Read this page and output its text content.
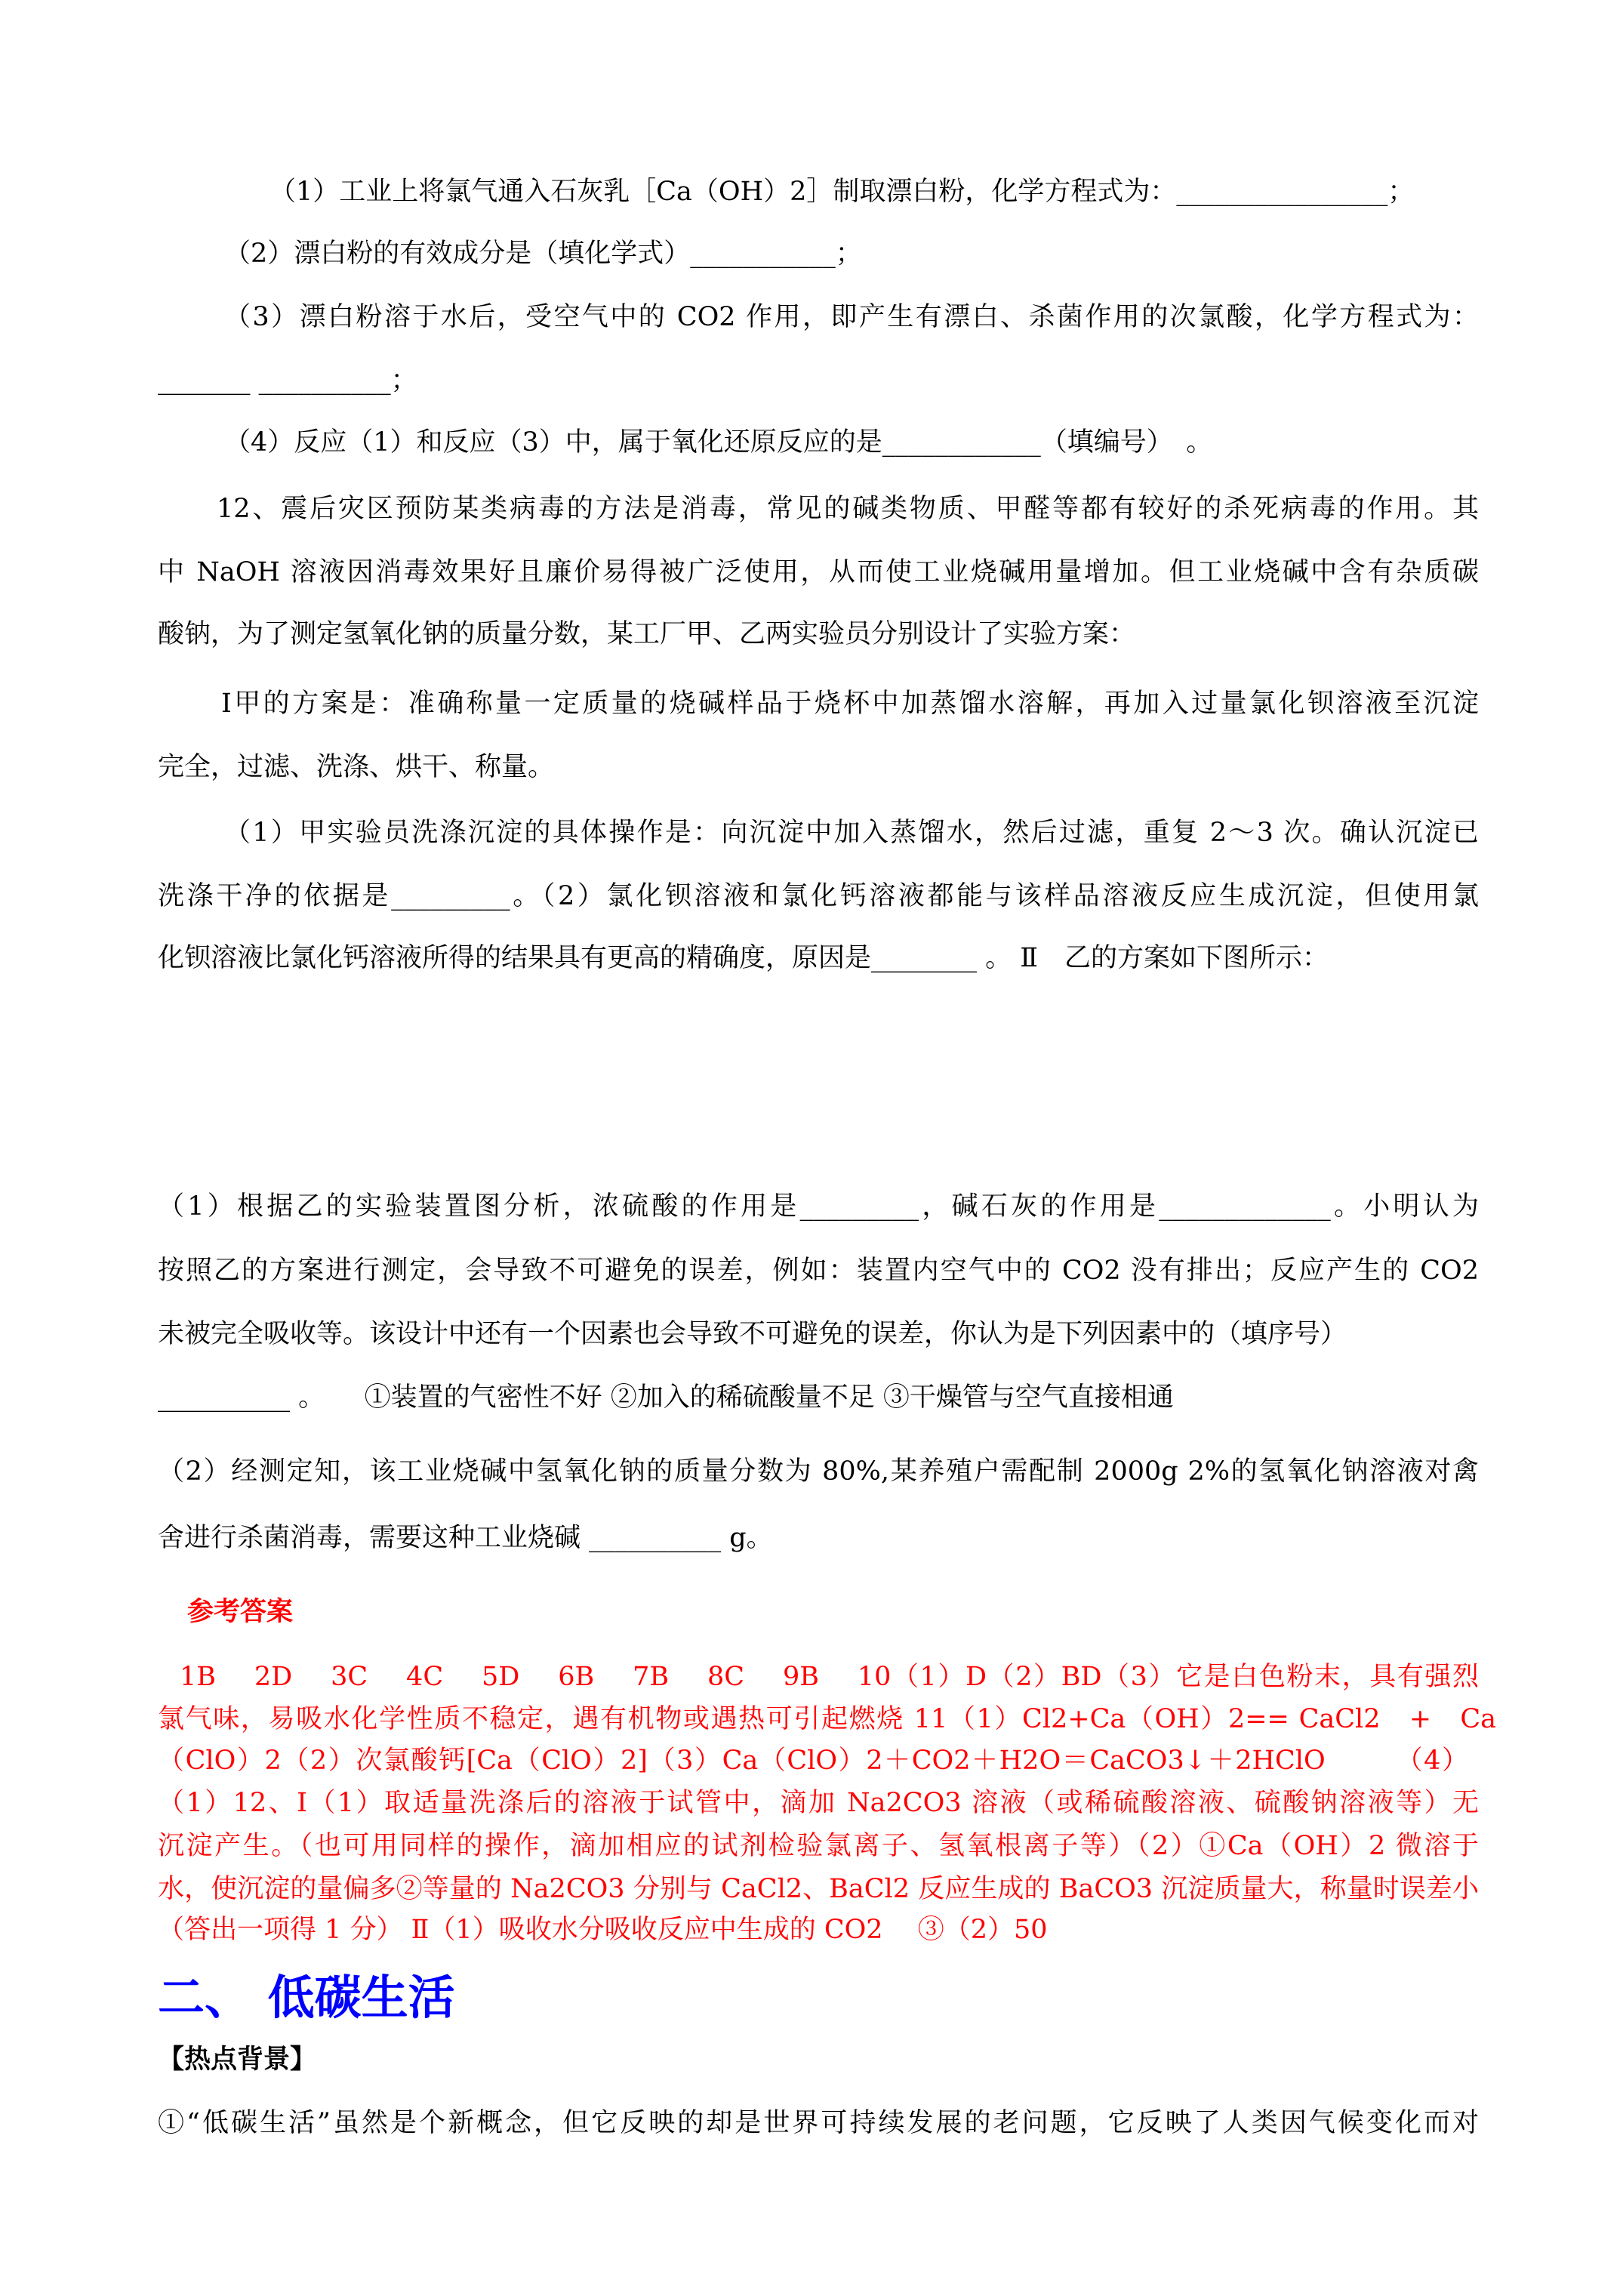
（1）工业上将氯气通入石灰乳［Ca（OH）2］制取漂白粉，化学方程式为：________________；
（2）漂白粉的有效成分是（填化学式）___________；
（3）漂白粉溶于水后，受空气中的 CO2 作用，即产生有漂白、杀菌作用的次氯酸，化学方程式为：
_______ __________；
（4）反应（1）和反应（3）中，属于氧化还原反应的是____________（填编号）　。
12、震后灾区预防某类病毒的方法是消毒，常见的碱类物质、甲醛等都有较好的杀死病毒的作用。其
中 NaOH 溶液因消毒效果好且廉价易得被广泛使用，从而使工业烧碱用量增加。但工业烧碱中含有杂质碳
酸钠，为了测定氢氧化钠的质量分数，某工厂甲、乙两实验员分别设计了实验方案：
Ⅰ甲的方案是：准确称量一定质量的烧碱样品于烧杯中加蒸馏水溶解，再加入过量氯化钡溶液至沉淀
完全，过滤、洗涤、烘干、称量。
（1）甲实验员洗涤沉淀的具体操作是：向沉淀中加入蒸馏水，然后过滤，重复 2～3 次。确认沉淀已
洗涤干净的依据是_________。（2）氯化钡溶液和氯化钙溶液都能与该样品溶液反应生成沉淀，但使用氯
化钡溶液比氯化钙溶液所得的结果具有更高的精确度，原因是________ 。 Ⅱ　乙的方案如下图所示：
（1）根据乙的实验装置图分析，浓硫酸的作用是_________，碱石灰的作用是_____________。小明认为
按照乙的方案进行测定，会导致不可避免的误差，例如：装置内空气中的 CO2 没有排出；反应产生的 CO2
未被完全吸收等。该设计中还有一个因素也会导致不可避免的误差，你认为是下列因素中的（填序号）
__________ 。　　①装置的气密性不好 ②加入的稀硫酸量不足 ③干燥管与空气直接相通
（2）经测定知，该工业烧碱中氢氧化钠的质量分数为 80%,某养殖户需配制 2000g 2%的氢氧化钠溶液对禽
舍进行杀菌消毒，需要这种工业烧碱 __________ g。
参考答案
1B　 2D　 3C　 4C　 5D　 6B　 7B　 8C　 9B　 10（1）D（2）BD（3）它是白色粉末，具有强烈
氯气味，易吸水化学性质不稳定，遇有机物或遇热可引起燃烧 11（1）Cl2+Ca（OH）2== CaCl2　+　Ca
（ClO）2（2）次氯酸钙[Ca（ClO）2]（3）Ca（ClO）2＋CO2＋H2O＝CaCO3↓＋2HClO　　　（4）
（1）12、Ⅰ（1）取适量洗涤后的溶液于试管中，滴加 Na2CO3 溶液（或稀硫酸溶液、硫酸钠溶液等）无
沉淀产生。（也可用同样的操作，滴加相应的试剂检验氯离子、氢氧根离子等）（2）①Ca（OH）2 微溶于
水，使沉淀的量偏多②等量的 Na2CO3 分别与 CaCl2、BaCl2 反应生成的 BaCO3 沉淀质量大，称量时误差小
（答出一项得 1 分） Ⅱ（1）吸收水分吸收反应中生成的 CO2　 ③（2）50
二、 低碳生活
【热点背景】
①“低碳生活”虽然是个新概念，但它反映的却是世界可持续发展的老问题，它反映了人类因气候变化而对
